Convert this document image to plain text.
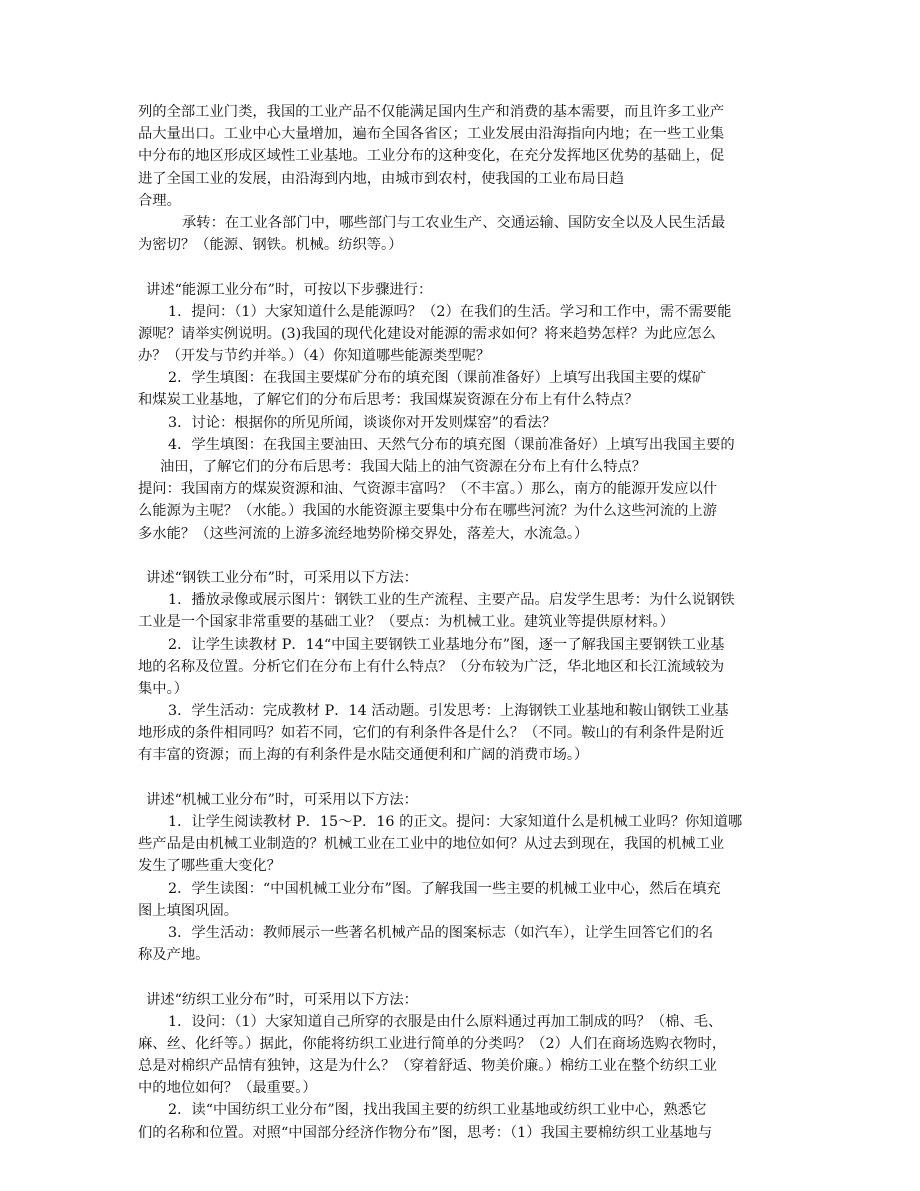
列的全部工业门类，我国的工业产品不仅能满足国内生产和消费的基本需要，而且许多工业产
品大量出口。工业中心大量增加，遍布全国各省区；工业发展由沿海指向内地；在一些工业集
中分布的地区形成区域性工业基地。工业分布的这种变化，在充分发挥地区优势的基础上，促
进了全国工业的发展，由沿海到内地，由城市到农村，使我国的工业布局日趋
合理。
承转：在工业各部门中，哪些部门与工农业生产、交通运输、国防安全以及人民生活最
为密切？（能源、钢铁。机械。纺织等。）
讲述“能源工业分布”时，可按以下步骤进行：
1．提问：（1）大家知道什么是能源吗？（2）在我们的生活。学习和工作中，需不需要能
源呢？请举实例说明。(3)我国的现代化建设对能源的需求如何？将来趋势怎样？为此应怎么
办？（开发与节约并举。）（4）你知道哪些能源类型呢？
2．学生填图：在我国主要煤矿分布的填充图（课前准备好）上填写出我国主要的煤矿
和煤炭工业基地，了解它们的分布后思考：我国煤炭资源在分布上有什么特点？
3．讨论：根据你的所见所闻，谈谈你对开发则煤窑”的看法？
4．学生填图：在我国主要油田、天然气分布的填充图（课前准备好）上填写出我国主要的
油田，了解它们的分布后思考：我国大陆上的油气资源在分布上有什么特点？
提问：我国南方的煤炭资源和油、气资源丰富吗？（不丰富。）那么，南方的能源开发应以什
么能源为主呢？（水能。）我国的水能资源主要集中分布在哪些河流？为什么这些河流的上游
多水能？（这些河流的上游多流经地势阶梯交界处，落差大，水流急。）
讲述“钢铁工业分布”时，可采用以下方法：
1．播放录像或展示图片：钢铁工业的生产流程、主要产品。启发学生思考：为什么说钢铁
工业是一个国家非常重要的基础工业？（要点：为机械工业。建筑业等提供原材料。）
2．让学生读教材 P．14“中国主要钢铁工业基地分布”图，逐一了解我国主要钢铁工业基
地的名称及位置。分析它们在分布上有什么特点？（分布较为广泛，华北地区和长江流域较为
集中。）
3．学生活动：完成教材 P．14 活动题。引发思考：上海钢铁工业基地和鞍山钢铁工业基
地形成的条件相同吗？如若不同，它们的有利条件各是什么？（不同。鞍山的有利条件是附近
有丰富的资源；而上海的有利条件是水陆交通便利和广阔的消费市场。）
讲述“机械工业分布”时，可采用以下方法：
1．让学生阅读教材 P．15～P．16 的正文。提问：大家知道什么是机械工业吗？你知道哪
些产品是由机械工业制造的？机械工业在工业中的地位如何？从过去到现在，我国的机械工业
发生了哪些重大变化？
2．学生读图：“中国机械工业分布”图。了解我国一些主要的机械工业中心，然后在填充
图上填图巩固。
3．学生活动：教师展示一些著名机械产品的图案标志（如汽车），让学生回答它们的名
称及产地。
讲述“纺织工业分布”时，可采用以下方法：
1．设问：（1）大家知道自己所穿的衣服是由什么原料通过再加工制成的吗？（棉、毛、
麻、丝、化纤等。）据此，你能将纺织工业进行简单的分类吗？（2）人们在商场选购衣物时，
总是对棉织产品情有独钟，这是为什么？（穿着舒适、物美价廉。）棉纺工业在整个纺织工业
中的地位如何？（最重要。）
2．读“中国纺织工业分布”图，找出我国主要的纺织工业基地或纺织工业中心，熟悉它
们的名称和位置。对照“中国部分经济作物分布”图，思考：（1）我国主要棉纺织工业基地与
